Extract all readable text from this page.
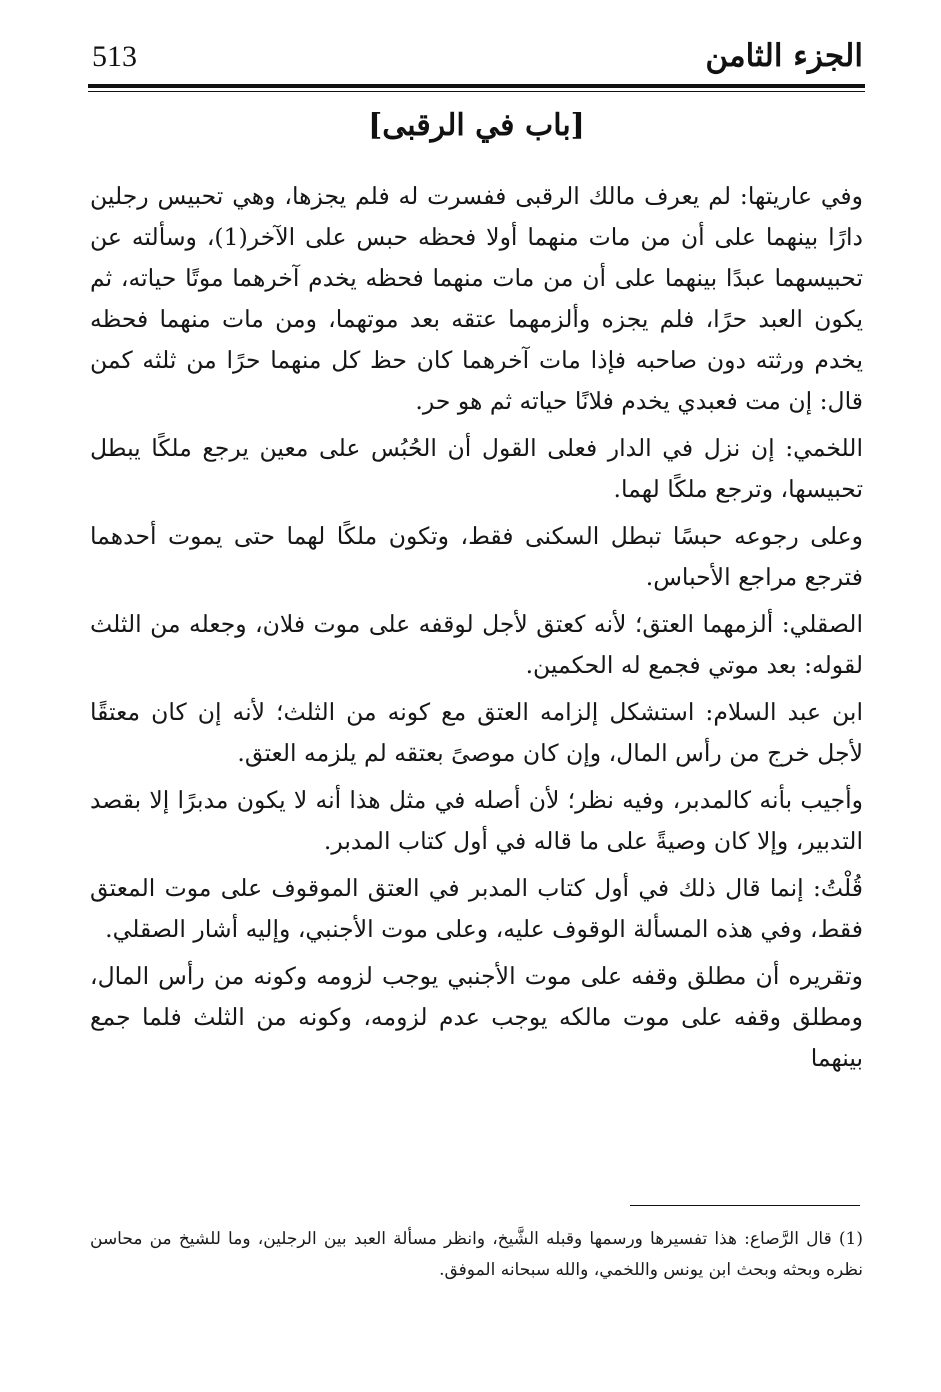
513	الجزء الثامن
[باب في الرقبى]

وفي عاريتها: لم يعرف مالك الرقبى ففسرت له فلم يجزها، وهي تحبيس رجلين دارًا بينهما على أن من مات منهما أولا فحظه حبس على الآخر(1)، وسألته عن تحبيسهما عبدًا بينهما على أن من مات منهما فحظه يخدم آخرهما موتًا حياته، ثم يكون العبد حرًا، فلم يجزه وألزمهما عتقه بعد موتهما، ومن مات منهما فحظه يخدم ورثته دون صاحبه فإذا مات آخرهما كان حظ كل منهما حرًا من ثلثه كمن قال: إن مت فعبدي يخدم فلانًا حياته ثم هو حر.

اللخمي: إن نزل في الدار فعلى القول أن الحُبُس على معين يرجع ملكًا يبطل تحبيسها، وترجع ملكًا لهما.

وعلى رجوعه حبسًا تبطل السكنى فقط، وتكون ملكًا لهما حتى يموت أحدهما فترجع مراجع الأحباس.

الصقلي: ألزمهما العتق؛ لأنه كعتق لأجل لوقفه على موت فلان، وجعله من الثلث لقوله: بعد موتي فجمع له الحكمين.

ابن عبد السلام: استشكل إلزامه العتق مع كونه من الثلث؛ لأنه إن كان معتقًا لأجل خرج من رأس المال، وإن كان موصىً بعتقه لم يلزمه العتق.

وأجيب بأنه كالمدبر، وفيه نظر؛ لأن أصله في مثل هذا أنه لا يكون مدبرًا إلا بقصد التدبير، وإلا كان وصيةً على ما قاله في أول كتاب المدبر.

قُلْتُ: إنما قال ذلك في أول كتاب المدبر في العتق الموقوف على موت المعتق فقط، وفي هذه المسألة الوقوف عليه، وعلى موت الأجنبي، وإليه أشار الصقلي.

وتقريره أن مطلق وقفه على موت الأجنبي يوجب لزومه وكونه من رأس المال، ومطلق وقفه على موت مالكه يوجب عدم لزومه، وكونه من الثلث فلما جمع بينهما

(1) قال الرَّصاع: هذا تفسيرها ورسمها وقبله الشَّيخ، وانظر مسألة العبد بين الرجلين، وما للشيخ من محاسن نظره وبحثه وبحث ابن يونس واللخمي، والله سبحانه الموفق.
